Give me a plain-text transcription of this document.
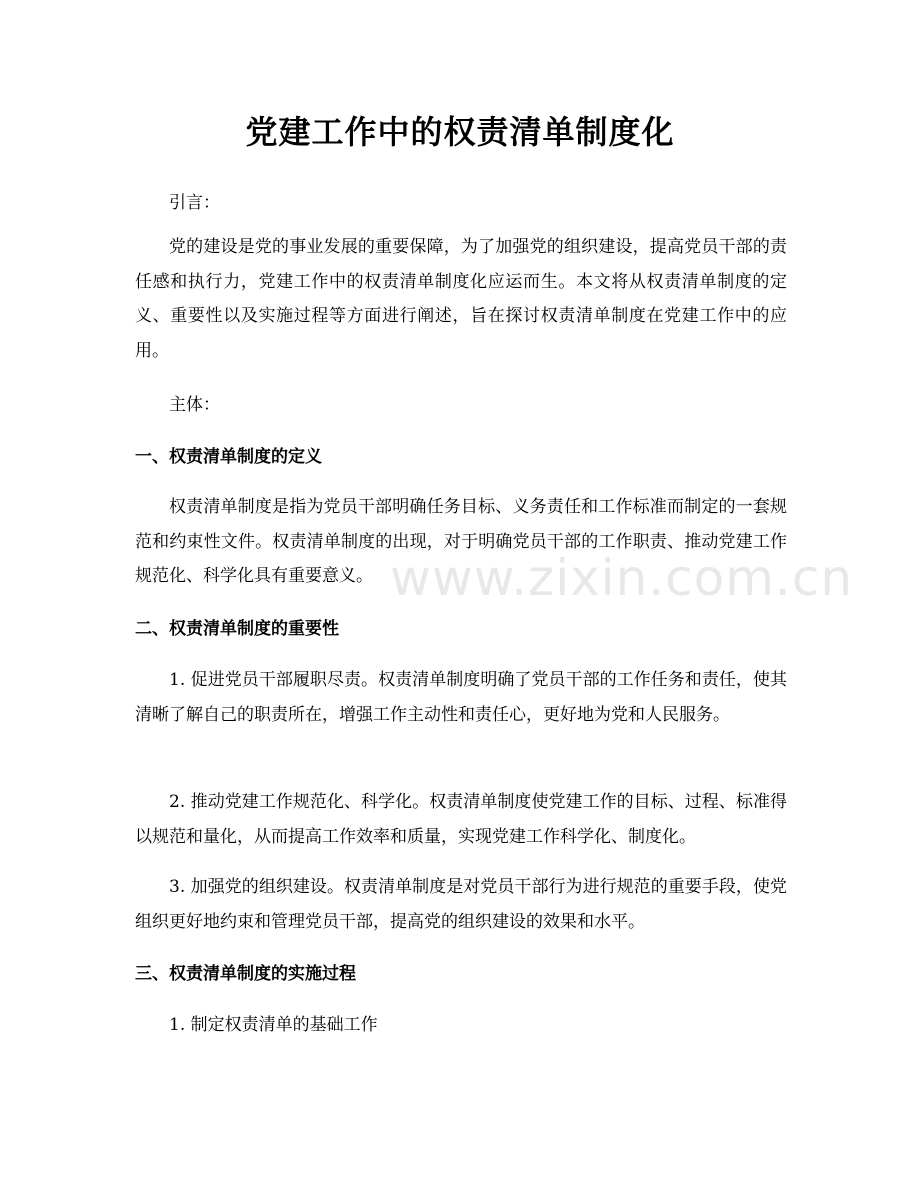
党建工作中的权责清单制度化

引言：

党的建设是党的事业发展的重要保障，为了加强党的组织建设，提高党员干部的责任感和执行力，党建工作中的权责清单制度化应运而生。本文将从权责清单制度的定义、重要性以及实施过程等方面进行阐述，旨在探讨权责清单制度在党建工作中的应用。

主体：

一、权责清单制度的定义

权责清单制度是指为党员干部明确任务目标、义务责任和工作标准而制定的一套规范和约束性文件。权责清单制度的出现，对于明确党员干部的工作职责、推动党建工作规范化、科学化具有重要意义。

二、权责清单制度的重要性

1. 促进党员干部履职尽责。权责清单制度明确了党员干部的工作任务和责任，使其清晰了解自己的职责所在，增强工作主动性和责任心，更好地为党和人民服务。

2. 推动党建工作规范化、科学化。权责清单制度使党建工作的目标、过程、标准得以规范和量化，从而提高工作效率和质量，实现党建工作科学化、制度化。

3. 加强党的组织建设。权责清单制度是对党员干部行为进行规范的重要手段，使党组织更好地约束和管理党员干部，提高党的组织建设的效果和水平。

三、权责清单制度的实施过程

1. 制定权责清单的基础工作

www.zixin.com.cn
